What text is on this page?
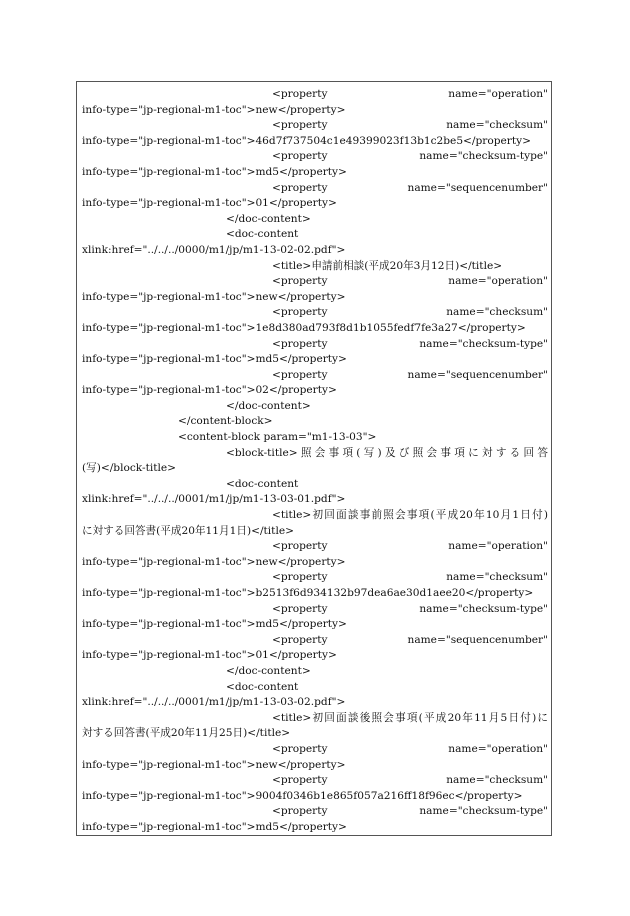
<property	name="operation"
info-type="jp-regional-m1-toc">new</property>
<property	name="checksum"
info-type="jp-regional-m1-toc">46d7f737504c1e49399023f13b1c2be5</property>
<property	name="checksum-type"
info-type="jp-regional-m1-toc">md5</property>
<property	name="sequencenumber"
info-type="jp-regional-m1-toc">01</property>
</doc-content>
<doc-content
xlink:href="../../../0000/m1/jp/m1-13-02-02.pdf">
<title>申請前相談(平成20年3月12日)</title>
<property	name="operation"
info-type="jp-regional-m1-toc">new</property>
<property	name="checksum"
info-type="jp-regional-m1-toc">1e8d380ad793f8d1b1055fedf7fe3a27</property>
<property	name="checksum-type"
info-type="jp-regional-m1-toc">md5</property>
<property	name="sequencenumber"
info-type="jp-regional-m1-toc">02</property>
</doc-content>
</content-block>
<content-block param="m1-13-03">
<block-title>照会事項(写)及び照会事項に対する回答
(写)</block-title>
<doc-content
xlink:href="../../../0001/m1/jp/m1-13-03-01.pdf">
<title>初回面談事前照会事項(平成20年10月1日付)
に対する回答書(平成20年11月1日)</title>
<property	name="operation"
info-type="jp-regional-m1-toc">new</property>
<property	name="checksum"
info-type="jp-regional-m1-toc">b2513f6d934132b97dea6ae30d1aee20</property>
<property	name="checksum-type"
info-type="jp-regional-m1-toc">md5</property>
<property	name="sequencenumber"
info-type="jp-regional-m1-toc">01</property>
</doc-content>
<doc-content
xlink:href="../../../0001/m1/jp/m1-13-03-02.pdf">
<title>初回面談後照会事項(平成20年11月5日付)に
対する回答書(平成20年11月25日)</title>
<property	name="operation"
info-type="jp-regional-m1-toc">new</property>
<property	name="checksum"
info-type="jp-regional-m1-toc">9004f0346b1e865f057a216ff18f96ec</property>
<property	name="checksum-type"
info-type="jp-regional-m1-toc">md5</property>
